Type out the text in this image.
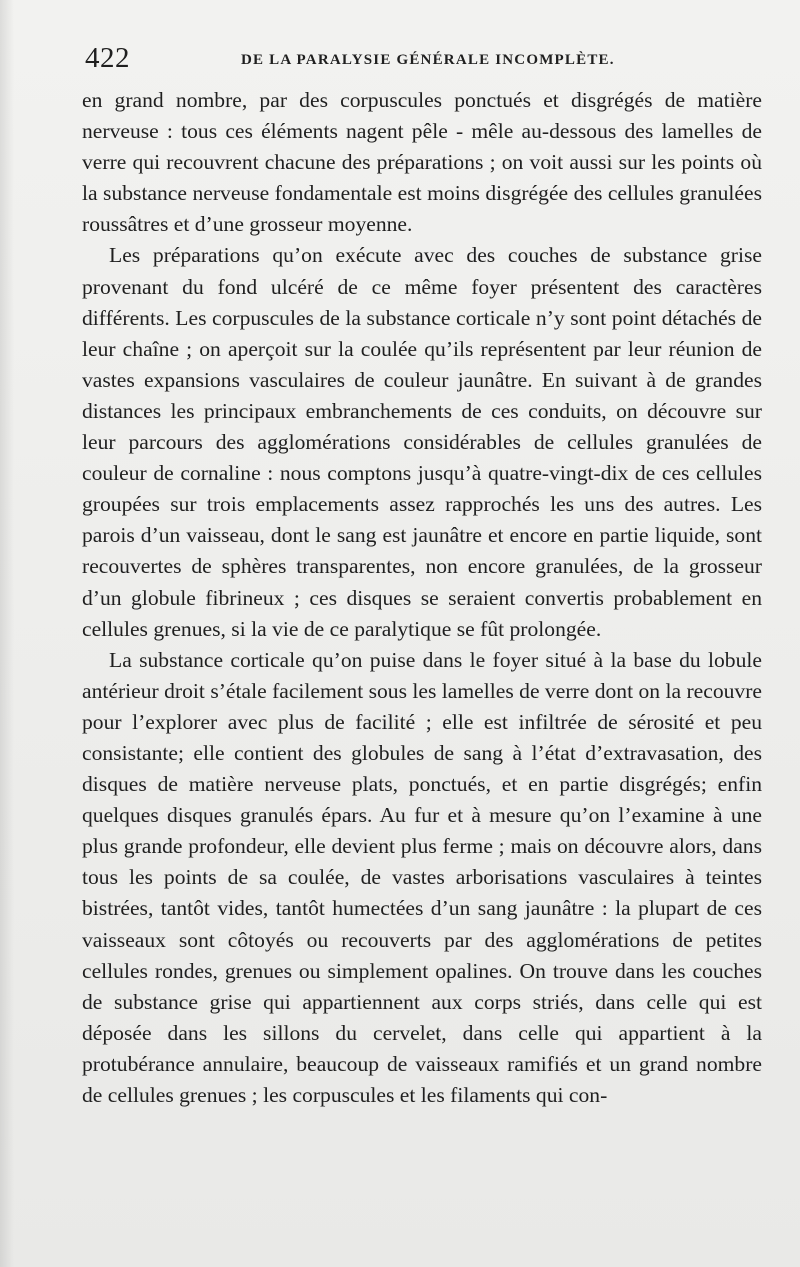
422	DE LA PARALYSIE GÉNÉRALE INCOMPLÈTE.

en grand nombre, par des corpuscules ponctués et disgrégés de matière nerveuse : tous ces éléments nagent pêle - mêle au-dessous des lamelles de verre qui recouvrent chacune des préparations ; on voit aussi sur les points où la substance nerveuse fondamentale est moins disgrégée des cellules granulées roussâtres et d’une grosseur moyenne.

Les préparations qu’on exécute avec des couches de substance grise provenant du fond ulcéré de ce même foyer présentent des caractères différents. Les corpuscules de la substance corticale n’y sont point détachés de leur chaîne ; on aperçoit sur la coulée qu’ils représentent par leur réunion de vastes expansions vasculaires de couleur jaunâtre. En suivant à de grandes distances les principaux embranchements de ces conduits, on découvre sur leur parcours des agglomérations considérables de cellules granulées de couleur de cornaline : nous comptons jusqu’à quatre-vingt-dix de ces cellules groupées sur trois emplacements assez rapprochés les uns des autres. Les parois d’un vaisseau, dont le sang est jaunâtre et encore en partie liquide, sont recouvertes de sphères transparentes, non encore granulées, de la grosseur d’un globule fibrineux ; ces disques se seraient convertis probablement en cellules grenues, si la vie de ce paralytique se fût prolongée.

La substance corticale qu’on puise dans le foyer situé à la base du lobule antérieur droit s’étale facilement sous les lamelles de verre dont on la recouvre pour l’explorer avec plus de facilité ; elle est infiltrée de sérosité et peu consistante; elle contient des globules de sang à l’état d’extravasation, des disques de matière nerveuse plats, ponctués, et en partie disgrégés; enfin quelques disques granulés épars. Au fur et à mesure qu’on l’examine à une plus grande profondeur, elle devient plus ferme ; mais on découvre alors, dans tous les points de sa coulée, de vastes arborisations vasculaires à teintes bistrées, tantôt vides, tantôt humectées d’un sang jaunâtre : la plupart de ces vaisseaux sont côtoyés ou recouverts par des agglomérations de petites cellules rondes, grenues ou simplement opalines. On trouve dans les couches de substance grise qui appartiennent aux corps striés, dans celle qui est déposée dans les sillons du cervelet, dans celle qui appartient à la protubérance annulaire, beaucoup de vaisseaux ramifiés et un grand nombre de cellules grenues ; les corpuscules et les filaments qui con-
